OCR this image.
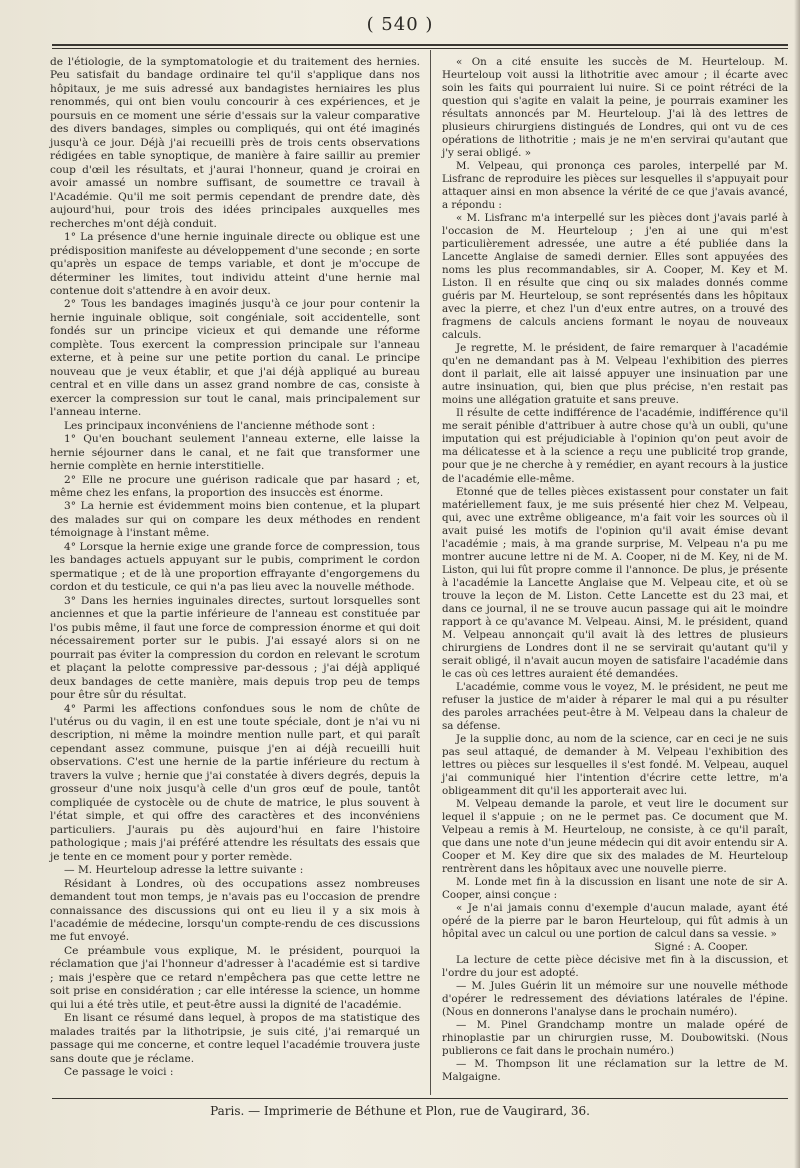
( 540 )

de l'étiologie, de la symptomatologie et du traitement des hernies. Peu satisfait du bandage ordinaire tel qu'il s'applique dans nos hôpitaux, je me suis adressé aux bandagistes herniaires les plus renommés, qui ont bien voulu concourir à ces expériences, et je poursuis en ce moment une série d'essais sur la valeur comparative des divers bandages, simples ou compliqués, qui ont été imaginés jusqu'à ce jour. Déjà j'ai recueilli près de trois cents observations rédigées en table synoptique, de manière à faire saillir au premier coup d'œil les résultats, et j'aurai l'honneur, quand je croirai en avoir amassé un nombre suffisant, de soumettre ce travail à l'Académie. Qu'il me soit permis cependant de prendre date, dès aujourd'hui, pour trois des idées principales auxquelles mes recherches m'ont déjà conduit.

1° La présence d'une hernie inguinale directe ou oblique est une prédisposition manifeste au développement d'une seconde ; en sorte qu'après un espace de temps variable, et dont je m'occupe de déterminer les limites, tout individu atteint d'une hernie mal contenue doit s'attendre à en avoir deux.

2° Tous les bandages imaginés jusqu'à ce jour pour contenir la hernie inguinale oblique, soit congéniale, soit accidentelle, sont fondés sur un principe vicieux et qui demande une réforme complète. Tous exercent la compression principale sur l'anneau externe, et à peine sur une petite portion du canal. Le principe nouveau que je veux établir, et que j'ai déjà appliqué au bureau central et en ville dans un assez grand nombre de cas, consiste à exercer la compression sur tout le canal, mais principalement sur l'anneau interne.

Les principaux inconvéniens de l'ancienne méthode sont :

1° Qu'en bouchant seulement l'anneau externe, elle laisse la hernie séjourner dans le canal, et ne fait que transformer une hernie complète en hernie interstitielle.

2° Elle ne procure une guérison radicale que par hasard ; et, même chez les enfans, la proportion des insuccès est énorme.

3° La hernie est évidemment moins bien contenue, et la plupart des malades sur qui on compare les deux méthodes en rendent témoignage à l'instant même.

4° Lorsque la hernie exige une grande force de compression, tous les bandages actuels appuyant sur le pubis, compriment le cordon spermatique ; et de là une proportion effrayante d'engorgemens du cordon et du testicule, ce qui n'a pas lieu avec la nouvelle méthode.

3° Dans les hernies inguinales directes, surtout lorsquelles sont anciennes et que la partie inférieure de l'anneau est constituée par l'os pubis même, il faut une force de compression énorme et qui doit nécessairement porter sur le pubis. J'ai essayé alors si on ne pourrait pas éviter la compression du cordon en relevant le scrotum et plaçant la pelotte compressive par-dessous ; j'ai déjà appliqué deux bandages de cette manière, mais depuis trop peu de temps pour être sûr du résultat.

4° Parmi les affections confondues sous le nom de chûte de l'utérus ou du vagin, il en est une toute spéciale, dont je n'ai vu ni description, ni même la moindre mention nulle part, et qui paraît cependant assez commune, puisque j'en ai déjà recueilli huit observations. C'est une hernie de la partie inférieure du rectum à travers la vulve ; hernie que j'ai constatée à divers degrés, depuis la grosseur d'une noix jusqu'à celle d'un gros œuf de poule, tantôt compliquée de cystocèle ou de chute de matrice, le plus souvent à l'état simple, et qui offre des caractères et des inconvéniens particuliers. J'aurais pu dès aujourd'hui en faire l'histoire pathologique ; mais j'ai préféré attendre les résultats des essais que je tente en ce moment pour y porter remède.

— M. Heurteloup adresse la lettre suivante :

Résidant à Londres, où des occupations assez nombreuses demandent tout mon temps, je n'avais pas eu l'occasion de prendre connaissance des discussions qui ont eu lieu il y a six mois à l'académie de médecine, lorsqu'un compte-rendu de ces discussions me fut envoyé.

Ce préambule vous explique, M. le président, pourquoi la réclamation que j'ai l'honneur d'adresser à l'académie est si tardive ; mais j'espère que ce retard n'empêchera pas que cette lettre ne soit prise en considération ; car elle intéresse la science, un homme qui lui a été très utile, et peut-être aussi la dignité de l'académie.

En lisant ce résumé dans lequel, à propos de ma statistique des malades traités par la lithotripsie, je suis cité, j'ai remarqué un passage qui me concerne, et contre lequel l'académie trouvera juste sans doute que je réclame.

Ce passage le voici :

« On a cité ensuite les succès de M. Heurteloup. M. Heurteloup voit aussi la lithotritie avec amour ; il écarte avec soin les faits qui pourraient lui nuire. Si ce point rétréci de la question qui s'agite en valait la peine, je pourrais examiner les résultats annoncés par M. Heurteloup. J'ai là des lettres de plusieurs chirurgiens distingués de Londres, qui ont vu de ces opérations de lithotritie ; mais je ne m'en servirai qu'autant que j'y serai obligé. »

M. Velpeau, qui prononça ces paroles, interpellé par M. Lisfranc de reproduire les pièces sur lesquelles il s'appuyait pour attaquer ainsi en mon absence la vérité de ce que j'avais avancé, a répondu :

« M. Lisfranc m'a interpellé sur les pièces dont j'avais parlé à l'occasion de M. Heurteloup ; j'en ai une qui m'est particulièrement adressée, une autre a été publiée dans la Lancette Anglaise de samedi dernier. Elles sont appuyées des noms les plus recommandables, sir A. Cooper, M. Key et M. Liston. Il en résulte que cinq ou six malades donnés comme guéris par M. Heurteloup, se sont représentés dans les hôpitaux avec la pierre, et chez l'un d'eux entre autres, on a trouvé des fragmens de calculs anciens formant le noyau de nouveaux calculs.

Je regrette, M. le président, de faire remarquer à l'académie qu'en ne demandant pas à M. Velpeau l'exhibition des pierres dont il parlait, elle ait laissé appuyer une insinuation par une autre insinuation, qui, bien que plus précise, n'en restait pas moins une allégation gratuite et sans preuve.

Il résulte de cette indifférence de l'académie, indifférence qu'il me serait pénible d'attribuer à autre chose qu'à un oubli, qu'une imputation qui est préjudiciable à l'opinion qu'on peut avoir de ma délicatesse et à la science a reçu une publicité trop grande, pour que je ne cherche à y remédier, en ayant recours à la justice de l'académie elle-même.

Etonné que de telles pièces existassent pour constater un fait matériellement faux, je me suis présenté hier chez M. Velpeau, qui, avec une extrême obligeance, m'a fait voir les sources où il avait puisé les motifs de l'opinion qu'il avait émise devant l'académie ; mais, à ma grande surprise, M. Velpeau n'a pu me montrer aucune lettre ni de M. A. Cooper, ni de M. Key, ni de M. Liston, qui lui fût propre comme il l'annonce. De plus, je présente à l'académie la Lancette Anglaise que M. Velpeau cite, et où se trouve la leçon de M. Liston. Cette Lancette est du 23 mai, et dans ce journal, il ne se trouve aucun passage qui ait le moindre rapport à ce qu'avance M. Velpeau. Ainsi, M. le président, quand M. Velpeau annonçait qu'il avait là des lettres de plusieurs chirurgiens de Londres dont il ne se servirait qu'autant qu'il y serait obligé, il n'avait aucun moyen de satisfaire l'académie dans le cas où ces lettres auraient été demandées.

L'académie, comme vous le voyez, M. le président, ne peut me refuser la justice de m'aider à réparer le mal qui a pu résulter des paroles arrachées peut-être à M. Velpeau dans la chaleur de sa défense.

Je la supplie donc, au nom de la science, car en ceci je ne suis pas seul attaqué, de demander à M. Velpeau l'exhibition des lettres ou pièces sur lesquelles il s'est fondé. M. Velpeau, auquel j'ai communiqué hier l'intention d'écrire cette lettre, m'a obligeamment dit qu'il les apporterait avec lui.

M. Velpeau demande la parole, et veut lire le document sur lequel il s'appuie ; on ne le permet pas. Ce document que M. Velpeau a remis à M. Heurteloup, ne consiste, à ce qu'il paraît, que dans une note d'un jeune médecin qui dit avoir entendu sir A. Cooper et M. Key dire que six des malades de M. Heurteloup rentrèrent dans les hôpitaux avec une nouvelle pierre.

M. Londe met fin à la discussion en lisant une note de sir A. Cooper, ainsi conçue :

« Je n'ai jamais connu d'exemple d'aucun malade, ayant été opéré de la pierre par le baron Heurteloup, qui fût admis à un hôpital avec un calcul ou une portion de calcul dans sa vessie. »

Signé : A. Cooper.

La lecture de cette pièce décisive met fin à la discussion, et l'ordre du jour est adopté.

— M. Jules Guérin lit un mémoire sur une nouvelle méthode d'opérer le redressement des déviations latérales de l'épine. (Nous en donnerons l'analyse dans le prochain numéro).

— M. Pinel Grandchamp montre un malade opéré de rhinoplastie par un chirurgien russe, M. Doubowitski. (Nous publierons ce fait dans le prochain numéro.)

— M. Thompson lit une réclamation sur la lettre de M. Malgaigne.

Paris. — Imprimerie de Béthune et Plon, rue de Vaugirard, 36.
